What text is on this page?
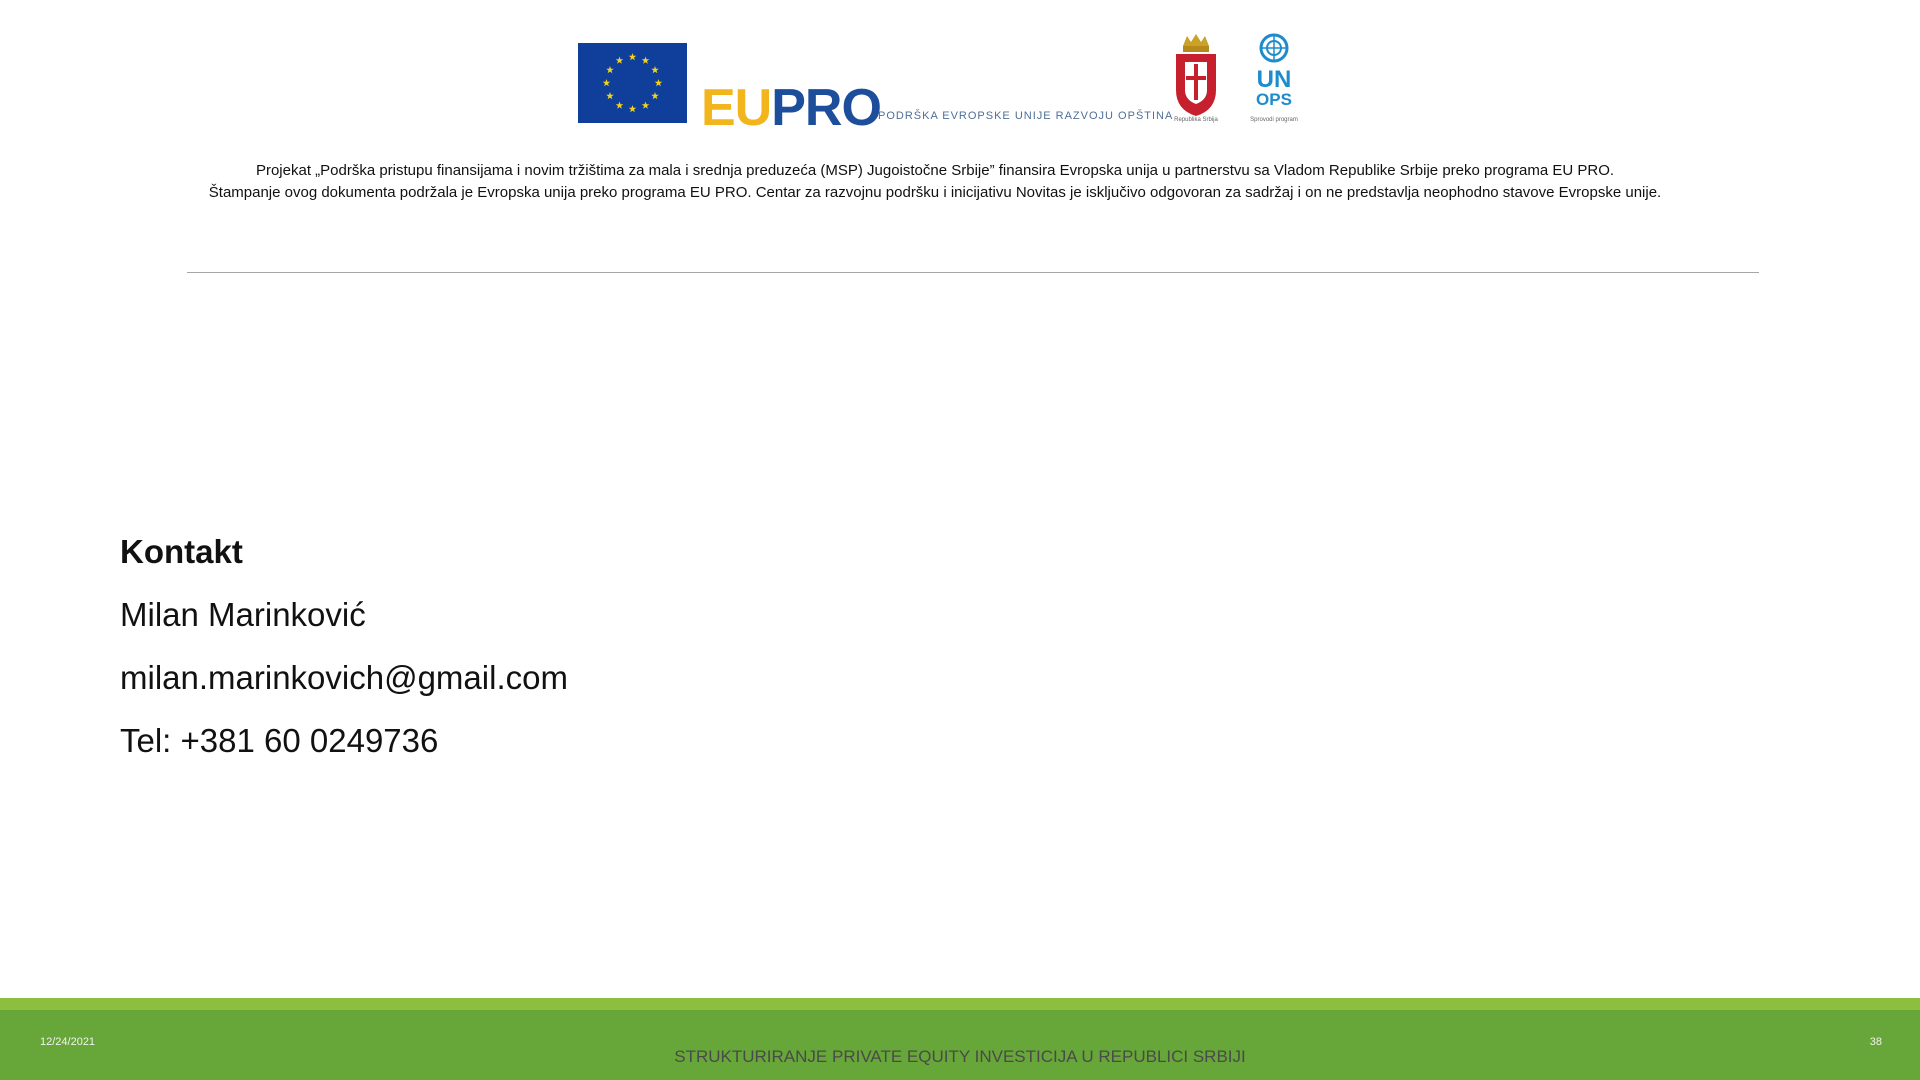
EUPRO
PODRŠKA EVROPSKE UNIJE RAZVOJU OPŠTINA Republika Srbija
UN
OPS
Sprovodi program
Projekat „Podrška pristupu finansijama i novim tržištima za mala i srednja preduzeća (MSP) Jugoistočne Srbije” finansira Evropska unija u partnerstvu sa Vladom Republike Srbije preko programa EU PRO.
Štampanje ovog dokumenta podržala je Evropska unija preko programa EU PRO. Centar za razvojnu podršku i inicijativu Novitas je isključivo odgovoran za sadržaj i on ne predstavlja neophodno stavove Evropske unije.
Kontakt
Milan Marinković
milan.marinkovich@gmail.com
Tel: +381 60 0249736
12/24/2021
STRUKTURIRANJE PRIVATE EQUITY INVESTICIJA U REPUBLICI SRBIJI
38
